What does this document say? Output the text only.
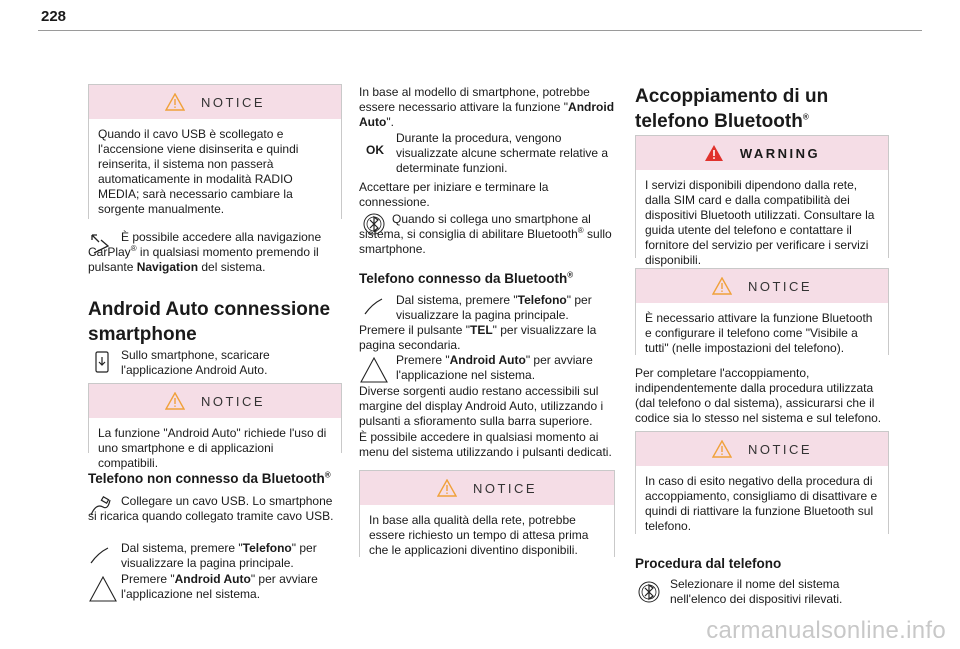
228
NOTICE
Quando il cavo USB è scollegato e l'accensione viene disinserita e quindi reinserita, il sistema non passerà automaticamente in modalità RADIO MEDIA; sarà necessario cambiare la sorgente manualmente.

È possibile accedere alla navigazione CarPlay® in qualsiasi momento premendo il pulsante Navigation del sistema.

Android Auto connessione smartphone

Sullo smartphone, scaricare l'applicazione Android Auto.

NOTICE
La funzione "Android Auto" richiede l'uso di uno smartphone e di applicazioni compatibili.
Telefono non connesso da Bluetooth®

Collegare un cavo USB. Lo smartphone si ricarica quando collegato tramite cavo USB.

Dal sistema, premere "Telefono" per visualizzare la pagina principale.

Premere "Android Auto" per avviare l'applicazione nel sistema.

In base al modello di smartphone, potrebbe essere necessario attivare la funzione "Android Auto".

OK

Durante la procedura, vengono visualizzate alcune schermate relative a determinate funzioni.

Accettare per iniziare e terminare la connessione.

Quando si collega uno smartphone al sistema, si consiglia di abilitare Bluetooth® sullo smartphone.

Telefono connesso da Bluetooth®

Dal sistema, premere "Telefono" per visualizzare la pagina principale.

Premere il pulsante "TEL" per visualizzare la pagina secondaria.

Premere "Android Auto" per avviare l'applicazione nel sistema.

Diverse sorgenti audio restano accessibili sul margine del display Android Auto, utilizzando i pulsanti a sfioramento sulla barra superiore.

È possibile accedere in qualsiasi momento ai menu del sistema utilizzando i pulsanti dedicati.

NOTICE
In base alla qualità della rete, potrebbe essere richiesto un tempo di attesa prima che le applicazioni diventino disponibili.
Accoppiamento di un telefono Bluetooth®
WARNING
I servizi disponibili dipendono dalla rete, dalla SIM card e dalla compatibilità dei dispositivi Bluetooth utilizzati. Consultare la guida utente del telefono e contattare il fornitore del servizio per verificare i servizi disponibili.
NOTICE
È necessario attivare la funzione Bluetooth e configurare il telefono come "Visibile a tutti" (nelle impostazioni del telefono).

Per completare l'accoppiamento, indipendentemente dalla procedura utilizzata (dal telefono o dal sistema), assicurarsi che il codice sia lo stesso nel sistema e sul telefono.

NOTICE
In caso di esito negativo della procedura di accoppiamento, consigliamo di disattivare e quindi di riattivare la funzione Bluetooth sul telefono.
Procedura dal telefono

Selezionare il nome del sistema nell'elenco dei dispositivi rilevati.

carmanualsonline.info
